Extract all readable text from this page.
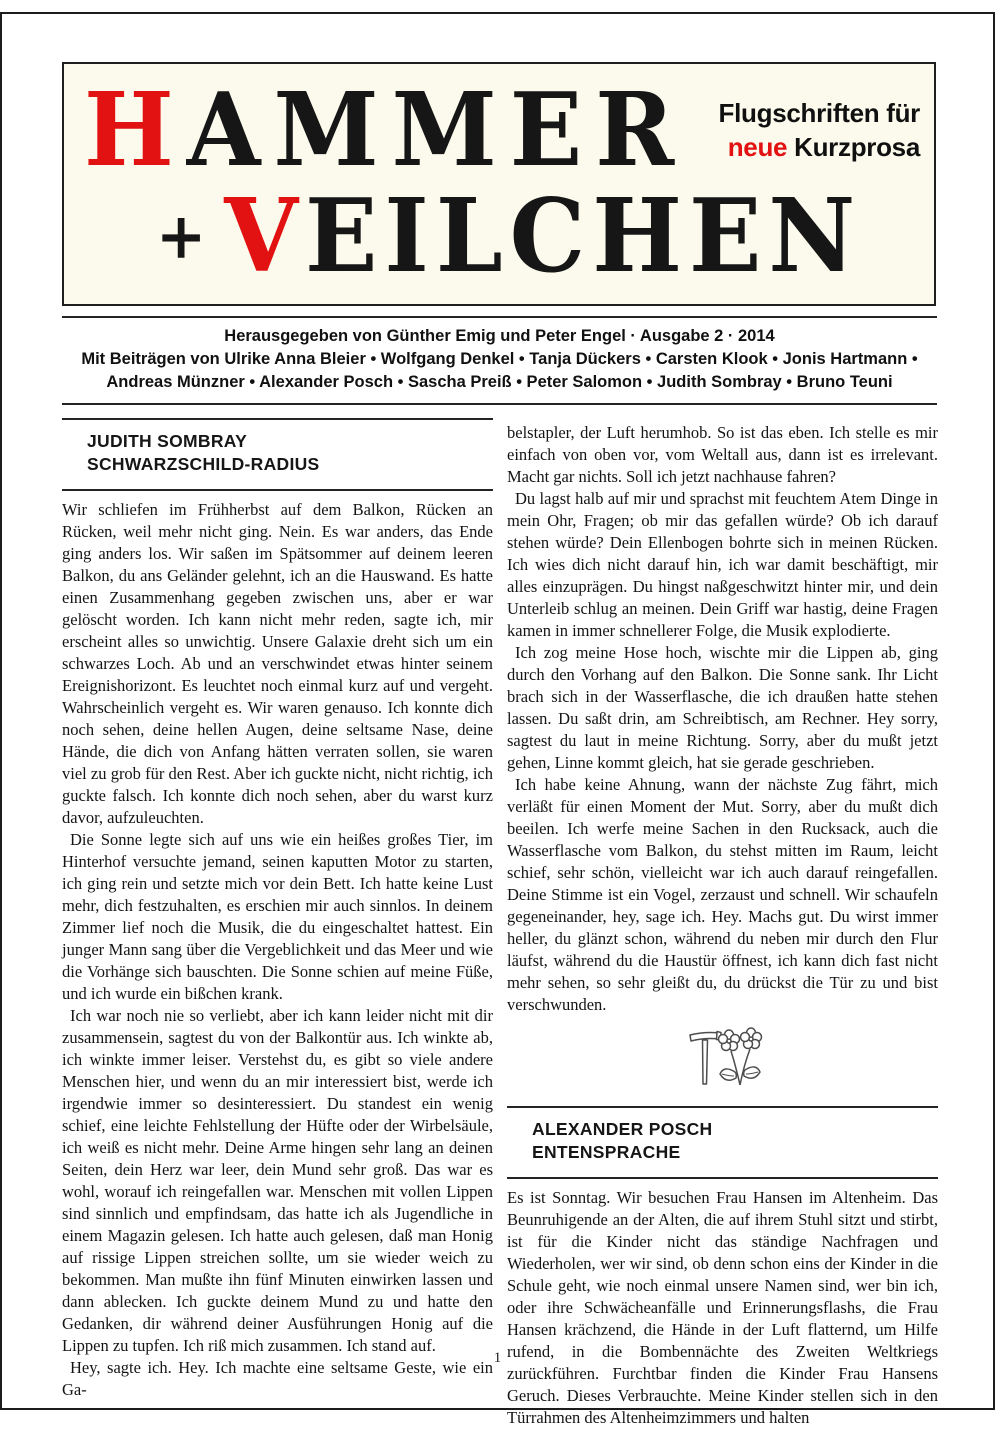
HAMMER
+VEILCHEN
Flugschriften für
neue Kurzprosa
Herausgegeben von Günther Emig und Peter Engel · Ausgabe 2 · 2014
Mit Beiträgen von Ulrike Anna Bleier • Wolfgang Denkel • Tanja Dückers • Carsten Klook • Jonis Hartmann •
Andreas Münzner • Alexander Posch • Sascha Preiß • Peter Salomon • Judith Sombray • Bruno Teuni
JUDITH SOMBRAY
SCHWARZSCHILD-RADIUS

Wir schliefen im Frühherbst auf dem Balkon, Rücken an Rücken, weil mehr nicht ging. Nein. Es war anders, das Ende ging anders los. Wir saßen im Spätsommer auf deinem leeren Balkon, du ans Geländer gelehnt, ich an die Hauswand. Es hatte einen Zusammenhang gegeben zwischen uns, aber er war gelöscht worden. Ich kann nicht mehr reden, sagte ich, mir erscheint alles so unwichtig. Unsere Galaxie dreht sich um ein schwarzes Loch. Ab und an verschwindet etwas hinter seinem Ereignishorizont. Es leuchtet noch einmal kurz auf und vergeht. Wahrscheinlich vergeht es. Wir waren genauso. Ich konnte dich noch sehen, deine hellen Augen, deine seltsame Nase, deine Hände, die dich von Anfang hätten verraten sollen, sie waren viel zu grob für den Rest. Aber ich guckte nicht, nicht richtig, ich guckte falsch. Ich konnte dich noch sehen, aber du warst kurz davor, aufzuleuchten.

Die Sonne legte sich auf uns wie ein heißes großes Tier, im Hinterhof versuchte jemand, seinen kaputten Motor zu starten, ich ging rein und setzte mich vor dein Bett. Ich hatte keine Lust mehr, dich festzuhalten, es erschien mir auch sinnlos. In deinem Zimmer lief noch die Musik, die du eingeschaltet hattest. Ein junger Mann sang über die Vergeblichkeit und das Meer und wie die Vorhänge sich bauschten. Die Sonne schien auf meine Füße, und ich wurde ein bißchen krank.

Ich war noch nie so verliebt, aber ich kann leider nicht mit dir zusammensein, sagtest du von der Balkontür aus. Ich winkte ab, ich winkte immer leiser. Verstehst du, es gibt so viele andere Menschen hier, und wenn du an mir interessiert bist, werde ich irgendwie immer so desinteressiert. Du standest ein wenig schief, eine leichte Fehlstellung der Hüfte oder der Wirbelsäule, ich weiß es nicht mehr. Deine Arme hingen sehr lang an deinen Seiten, dein Herz war leer, dein Mund sehr groß. Das war es wohl, worauf ich reingefallen war. Menschen mit vollen Lippen sind sinnlich und empfindsam, das hatte ich als Jugendliche in einem Magazin gelesen. Ich hatte auch gelesen, daß man Honig auf rissige Lippen streichen sollte, um sie wieder weich zu bekommen. Man mußte ihn fünf Minuten einwirken lassen und dann ablecken. Ich guckte deinem Mund zu und hatte den Gedanken, dir während deiner Ausführungen Honig auf die Lippen zu tupfen. Ich riß mich zusammen. Ich stand auf.

Hey, sagte ich. Hey. Ich machte eine seltsame Geste, wie ein Ga-

belstapler, der Luft herumhob. So ist das eben. Ich stelle es mir einfach von oben vor, vom Weltall aus, dann ist es irrelevant. Macht gar nichts. Soll ich jetzt nachhause fahren?

Du lagst halb auf mir und sprachst mit feuchtem Atem Dinge in mein Ohr, Fragen; ob mir das gefallen würde? Ob ich darauf stehen würde? Dein Ellenbogen bohrte sich in meinen Rücken. Ich wies dich nicht darauf hin, ich war damit beschäftigt, mir alles einzuprägen. Du hingst naßgeschwitzt hinter mir, und dein Unterleib schlug an meinen. Dein Griff war hastig, deine Fragen kamen in immer schnellerer Folge, die Musik explodierte.

Ich zog meine Hose hoch, wischte mir die Lippen ab, ging durch den Vorhang auf den Balkon. Die Sonne sank. Ihr Licht brach sich in der Wasserflasche, die ich draußen hatte stehen lassen. Du saßt drin, am Schreibtisch, am Rechner. Hey sorry, sagtest du laut in meine Richtung. Sorry, aber du mußt jetzt gehen, Linne kommt gleich, hat sie gerade geschrieben.

Ich habe keine Ahnung, wann der nächste Zug fährt, mich verläßt für einen Moment der Mut. Sorry, aber du mußt dich beeilen. Ich werfe meine Sachen in den Rucksack, auch die Wasserflasche vom Balkon, du stehst mitten im Raum, leicht schief, sehr schön, vielleicht war ich auch darauf reingefallen. Deine Stimme ist ein Vogel, zerzaust und schnell. Wir schaufeln gegeneinander, hey, sage ich. Hey. Machs gut. Du wirst immer heller, du glänzt schon, während du neben mir durch den Flur läufst, während du die Haustür öffnest, ich kann dich fast nicht mehr sehen, so sehr gleißt du, du drückst die Tür zu und bist verschwunden.

ALEXANDER POSCH
ENTENSPRACHE

Es ist Sonntag. Wir besuchen Frau Hansen im Altenheim. Das Beunruhigende an der Alten, die auf ihrem Stuhl sitzt und stirbt, ist für die Kinder nicht das ständige Nachfragen und Wiederholen, wer wir sind, ob denn schon eins der Kinder in die Schule geht, wie noch einmal unsere Namen sind, wer bin ich, oder ihre Schwächeanfälle und Erinnerungsflashs, die Frau Hansen krächzend, die Hände in der Luft flatternd, um Hilfe rufend, in die Bombennächte des Zweiten Weltkriegs zurückführen. Furchtbar finden die Kinder Frau Hansens Geruch. Dieses Verbrauchte. Meine Kinder stellen sich in den Türrahmen des Altenheimzimmers und halten

1
